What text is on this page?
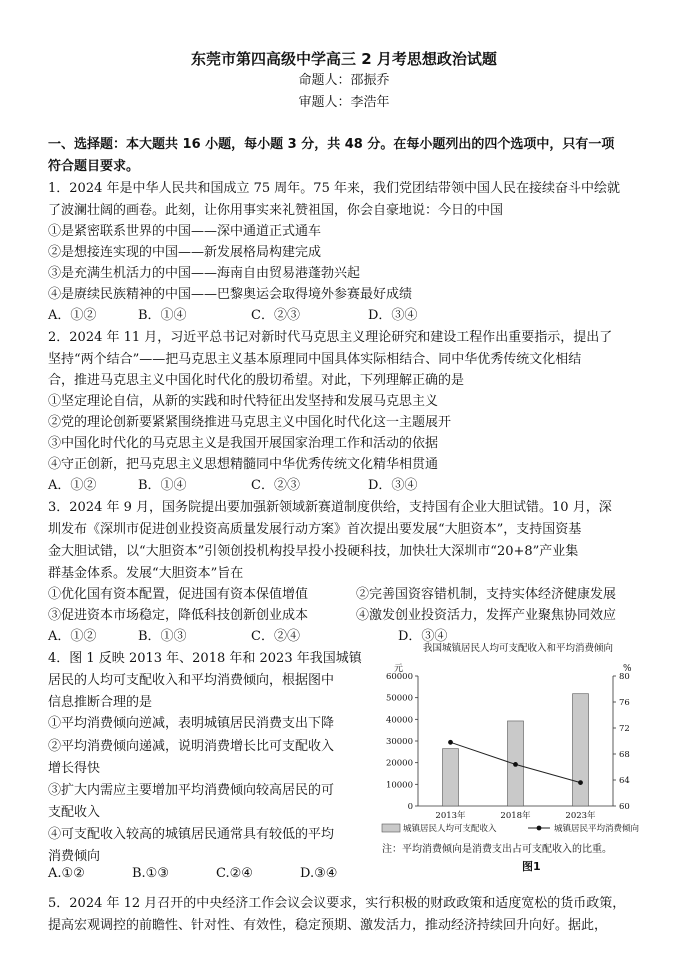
东莞市第四高级中学高三 2 月考思想政治试题
命题人：邵振乔
审题人：李浩年
一、选择题：本大题共 16 小题，每小题 3 分，共 48 分。在每小题列出的四个选项中，只有一项
符合题目要求。
1．2024 年是中华人民共和国成立 75 周年。75 年来，我们党团结带领中国人民在接续奋斗中绘就
了波澜壮阔的画卷。此刻，让你用事实来礼赞祖国，你会自豪地说：今日的中国
①是紧密联系世界的中国——深中通道正式通车
②是想接连实现的中国——新发展格局构建完成
③是充满生机活力的中国——海南自由贸易港蓬勃兴起
④是赓续民族精神的中国——巴黎奥运会取得境外参赛最好成绩
A．①②	B．①④	C．②③	D．③④
2．2024 年 11 月，习近平总书记对新时代马克思主义理论研究和建设工程作出重要指示，提出了
坚持“两个结合”——把马克思主义基本原理同中国具体实际相结合、同中华优秀传统文化相结
合，推进马克思主义中国化时代化的殷切希望。对此，下列理解正确的是
①坚定理论自信，从新的实践和时代特征出发坚持和发展马克思主义
②党的理论创新要紧紧围绕推进马克思主义中国化时代化这一主题展开
③中国化时代化的马克思主义是我国开展国家治理工作和活动的依据
④守正创新，把马克思主义思想精髓同中华优秀传统文化精华相贯通
A．①②	B．①④	C．②③	D．③④
3．2024 年 9 月，国务院提出要加强新领域新赛道制度供给，支持国有企业大胆试错。10 月，深
圳发布《深圳市促进创业投资高质量发展行动方案》首次提出要发展“大胆资本”，支持国资基
金大胆试错，以“大胆资本”引领创投机构投早投小投硬科技，加快壮大深圳市“20+8”产业集
群基金体系。发展“大胆资本”旨在
①优化国有资本配置，促进国有资本保值增值	②完善国资容错机制，支持实体经济健康发展
③促进资本市场稳定，降低科技创新创业成本	④激发创业投资活力，发挥产业聚焦协同效应
A．①②	B．①③	C．②④	D．③④
4．图 1 反映 2013 年、2018 年和 2023 年我国城镇
居民的人均可支配收入和平均消费倾向，根据图中
信息推断合理的是
①平均消费倾向逆减，表明城镇居民消费支出下降
②平均消费倾向递减，说明消费增长比可支配收入
增长得快
③扩大内需应主要增加平均消费倾向较高居民的可
支配收入
④可支配收入较高的城镇居民通常具有较低的平均
消费倾向
A.①②	B.①③	C.②④	D.③④
我国城镇居民人均可支配收入和平均消费倾向
元	%
0
10000
20000
30000
40000
50000
60000
60
64
68
72
76
80
2013年	2018年	2023年
城镇居民人均可支配收入	城镇居民平均消费倾向
注：平均消费倾向是消费支出占可支配收入的比重。
图1
5．2024 年 12 月召开的中央经济工作会议会议要求，实行积极的财政政策和适度宽松的货币政策，
提高宏观调控的前瞻性、针对性、有效性，稳定预期、激发活力，推动经济持续回升向好。据此，
